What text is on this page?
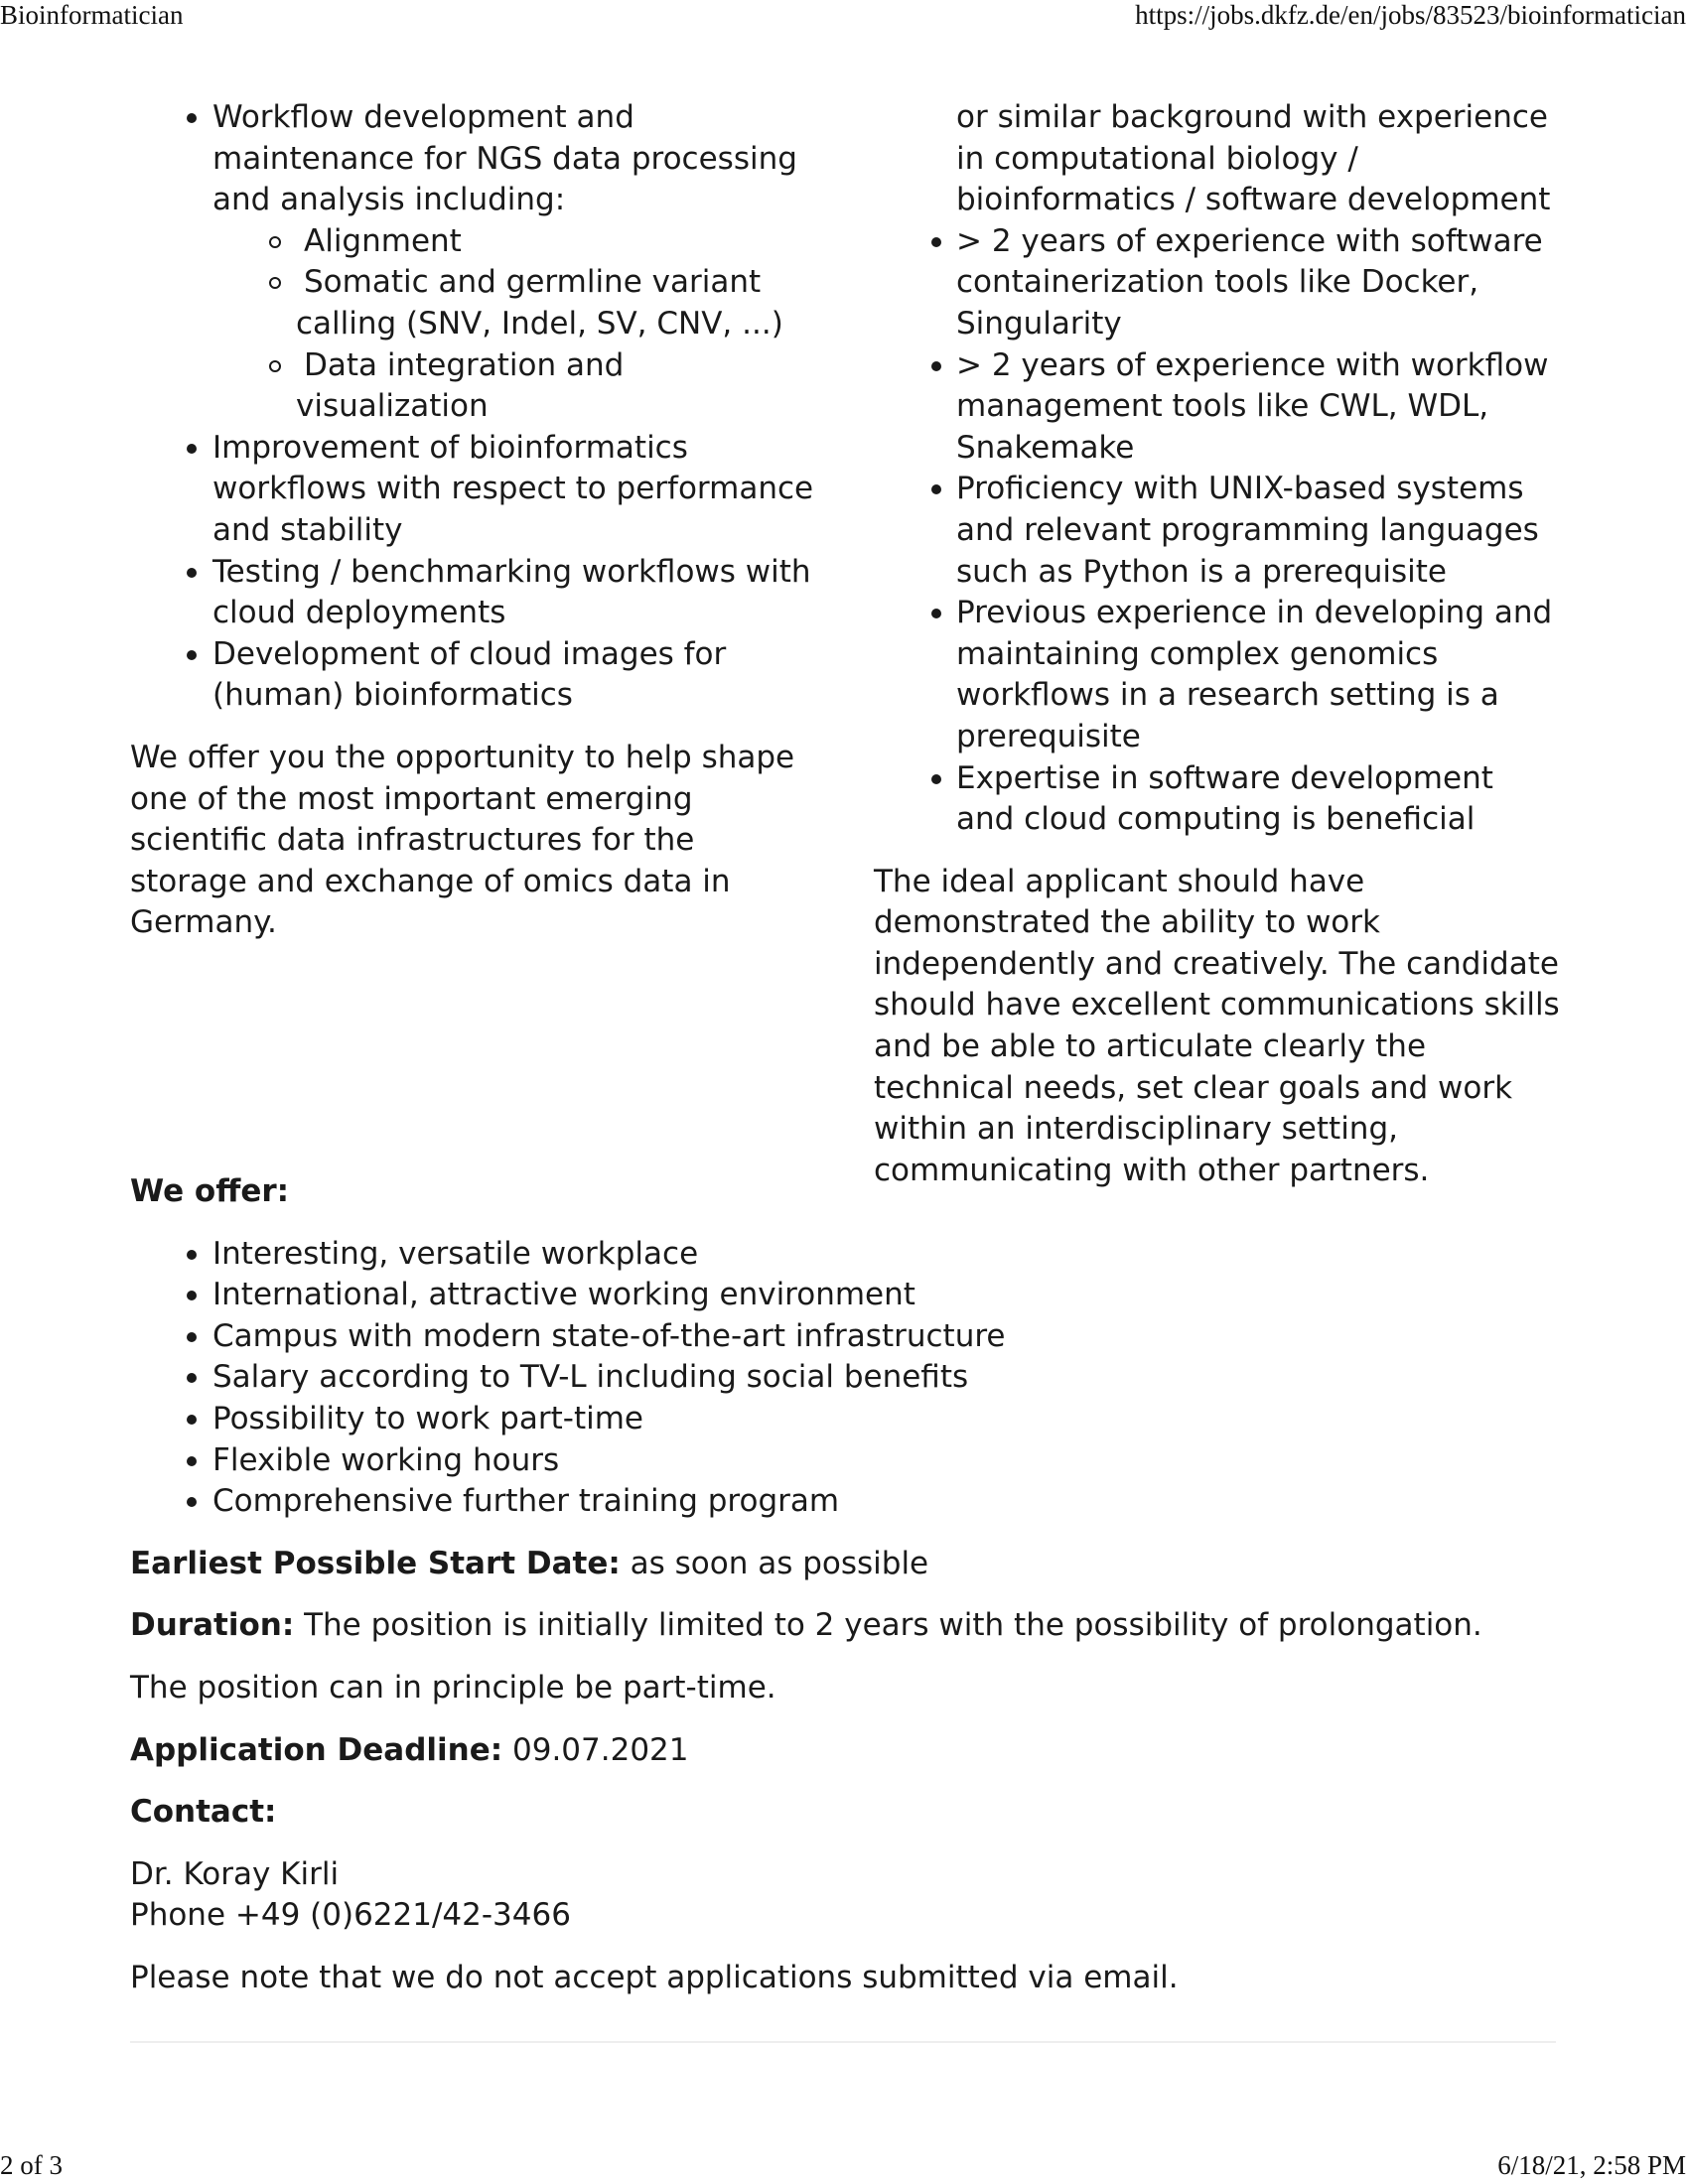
Bioinformatician	https://jobs.dkfz.de/en/jobs/83523/bioinformatician
Workflow development and maintenance for NGS data processing and analysis including:
Alignment
Somatic and germline variant calling (SNV, Indel, SV, CNV, ...)
Data integration and visualization
Improvement of bioinformatics workflows with respect to performance and stability
Testing / benchmarking workflows with cloud deployments
Development of cloud images for (human) bioinformatics

We offer you the opportunity to help shape one of the most important emerging scientific data infrastructures for the storage and exchange of omics data in Germany.

or similar background with experience in computational biology / bioinformatics / software development

> 2 years of experience with software containerization tools like Docker, Singularity
> 2 years of experience with workflow management tools like CWL, WDL, Snakemake
Proficiency with UNIX-based systems and relevant programming languages such as Python is a prerequisite
Previous experience in developing and maintaining complex genomics workflows in a research setting is a prerequisite
Expertise in software development and cloud computing is beneficial

The ideal applicant should have demonstrated the ability to work independently and creatively. The candidate should have excellent communications skills and be able to articulate clearly the technical needs, set clear goals and work within an interdisciplinary setting, communicating with other partners.

We offer:

Interesting, versatile workplace
International, attractive working environment
Campus with modern state-of-the-art infrastructure
Salary according to TV-L including social benefits
Possibility to work part-time
Flexible working hours
Comprehensive further training program

Earliest Possible Start Date: as soon as possible

Duration: The position is initially limited to 2 years with the possibility of prolongation.

The position can in principle be part-time.

Application Deadline: 09.07.2021

Contact:

Dr. Koray Kirli
Phone +49 (0)6221/42-3466

Please note that we do not accept applications submitted via email.

2 of 3	6/18/21, 2:58 PM
